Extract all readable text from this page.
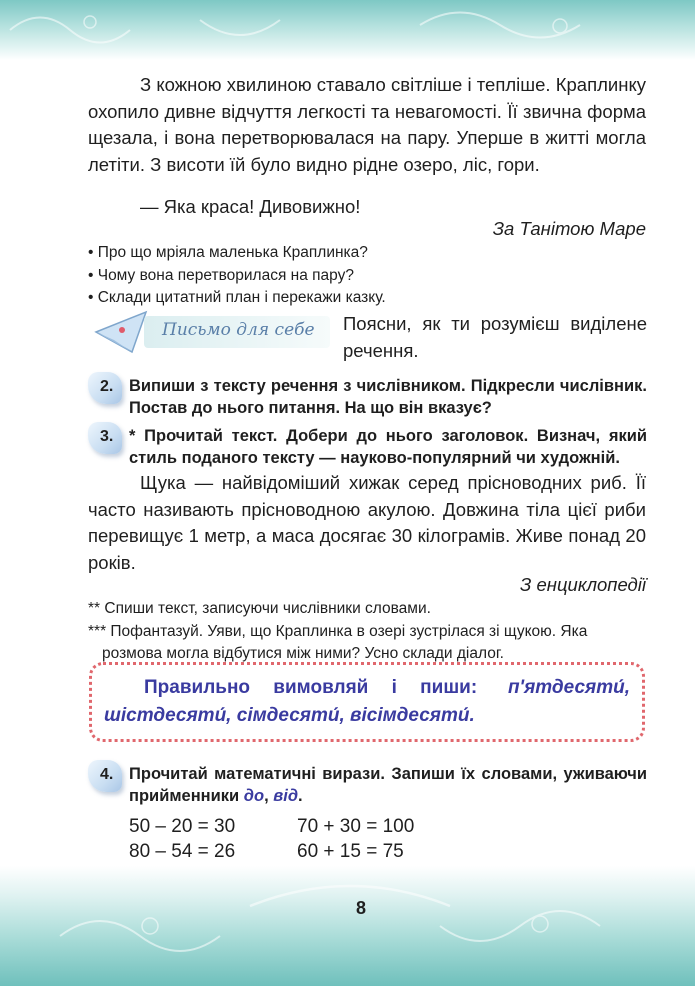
З кожною хвилиною ставало світліше і тепліше. Краплинку охопило дивне відчуття легкості та невагомості. Її звична форма щезала, і вона перетворювалася на пару. Уперше в житті могла летіти. З висоти їй було видно рідне озеро, ліс, гори.
— Яка краса! Дивовижно!
За Танітою Маре
• Про що мріяла маленька Краплинка?
• Чому вона перетворилася на пару?
• Склади цитатний план і перекажи казку.
Письмо для себе Поясни, як ти розумієш виділене речення.
2. Випиши з тексту речення з числівником. Підкресли числівник. Постав до нього питання. На що він вказує?
3. * Прочитай текст. Добери до нього заголовок. Визнач, який стиль поданого тексту — науково-популярний чи художній.
Щука — найвідоміший хижак серед прісноводних риб. Її часто називають прісноводною акулою. Довжина тіла цієї риби перевищує 1 метр, а маса досягає 30 кілограмів. Живе понад 20 років.
З енциклопедії
** Спиши текст, записуючи числівники словами.
*** Пофантазуй. Уяви, що Краплинка в озері зустрілася зі щукою. Яка розмова могла відбутися між ними? Усно склади діалог.
Правильно вимовляй і пиши: п'ятдесяти́,
шістдесяти́, сімдесяти́, вісімдесяти́.
4. Прочитай математичні вирази. Запиши їх словами, уживаючи прийменники до, від.
50 – 20 = 30
80 – 54 = 26
70 + 30 = 100
60 + 15 = 75
8
